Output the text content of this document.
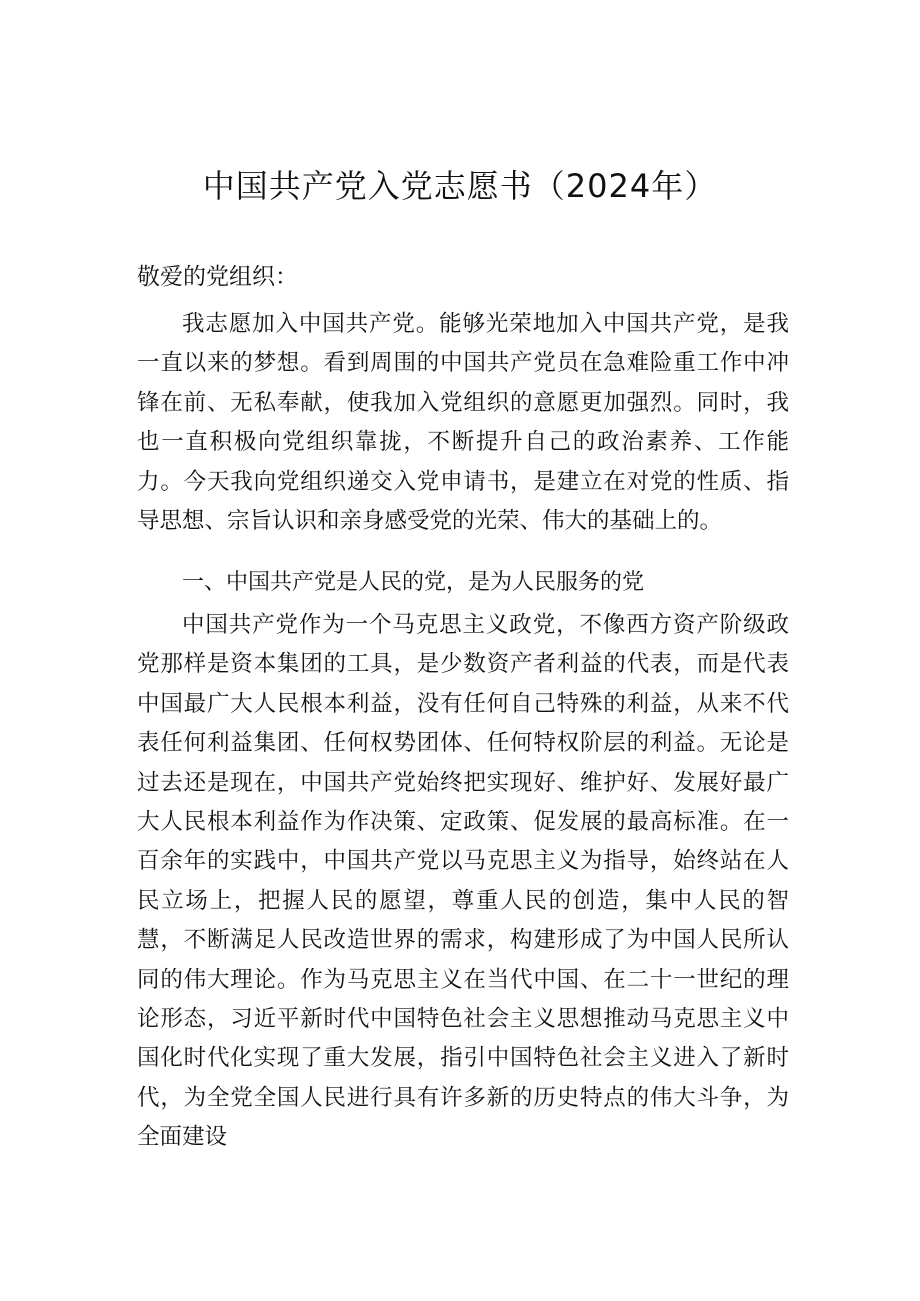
中国共产党入党志愿书（2024年）
敬爱的党组织：

我志愿加入中国共产党。能够光荣地加入中国共产党，是我一直以来的梦想。看到周围的中国共产党员在急难险重工作中冲锋在前、无私奉献，使我加入党组织的意愿更加强烈。同时，我也一直积极向党组织靠拢，不断提升自己的政治素养、工作能力。今天我向党组织递交入党申请书，是建立在对党的性质、指导思想、宗旨认识和亲身感受党的光荣、伟大的基础上的。

一、中国共产党是人民的党，是为人民服务的党

中国共产党作为一个马克思主义政党，不像西方资产阶级政党那样是资本集团的工具，是少数资产者利益的代表，而是代表中国最广大人民根本利益，没有任何自己特殊的利益，从来不代表任何利益集团、任何权势团体、任何特权阶层的利益。无论是过去还是现在，中国共产党始终把实现好、维护好、发展好最广大人民根本利益作为作决策、定政策、促发展的最高标准。在一百余年的实践中，中国共产党以马克思主义为指导，始终站在人民立场上，把握人民的愿望，尊重人民的创造，集中人民的智慧，不断满足人民改造世界的需求，构建形成了为中国人民所认同的伟大理论。作为马克思主义在当代中国、在二十一世纪的理论形态，习近平新时代中国特色社会主义思想推动马克思主义中国化时代化实现了重大发展，指引中国特色社会主义进入了新时代，为全党全国人民进行具有许多新的历史特点的伟大斗争，为全面建设
